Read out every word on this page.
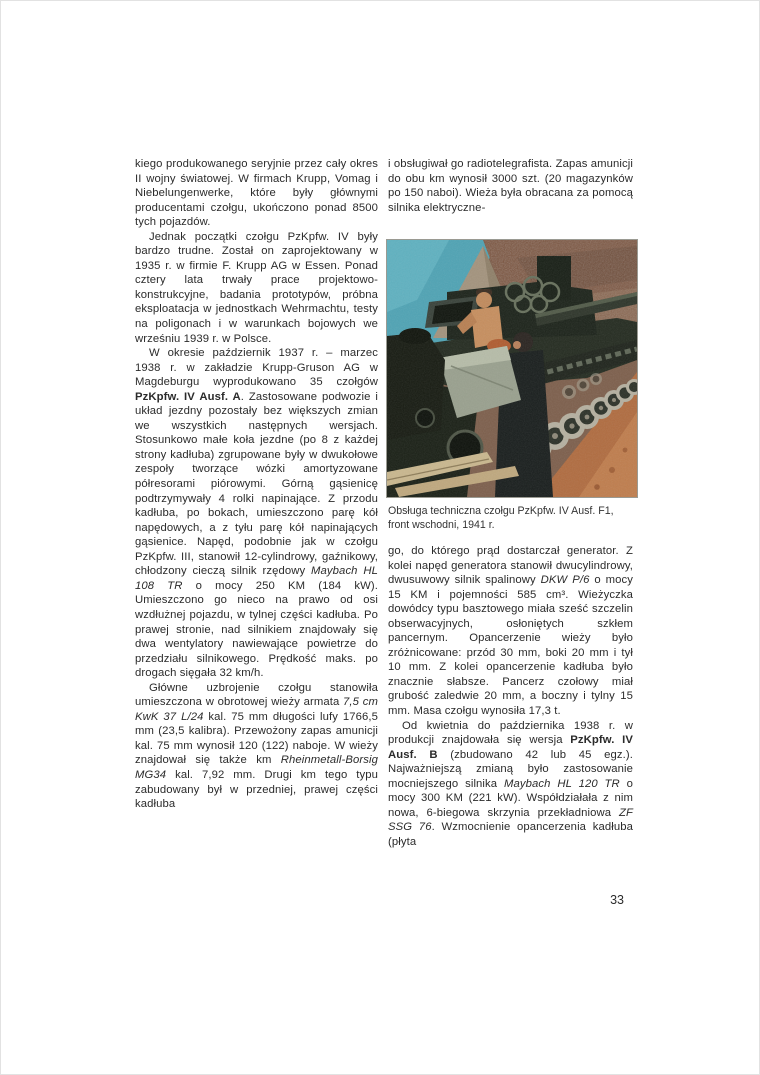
kiego produkowanego seryjnie przez cały okres II wojny światowej. W firmach Krupp, Vomag i Niebelungenwerke, które były głównymi producentami czołgu, ukończono ponad 8500 tych pojazdów.

Jednak początki czołgu PzKpfw. IV były bardzo trudne. Został on zaprojektowany w 1935 r. w firmie F. Krupp AG w Essen. Ponad cztery lata trwały prace projektowo-konstrukcyjne, badania prototypów, próbna eksploatacja w jednostkach Wehrmachtu, testy na poligonach i w warunkach bojowych we wrześniu 1939 r. w Polsce.

W okresie październik 1937 r. – marzec 1938 r. w zakładzie Krupp-Gruson AG w Magdeburgu wyprodukowano 35 czołgów PzKpfw. IV Ausf. A. Zastosowane podwozie i układ jezdny pozostały bez większych zmian we wszystkich następnych wersjach. Stosunkowo małe koła jezdne (po 8 z każdej strony kadłuba) zgrupowane były w dwukołowe zespoły tworzące wózki amortyzowane półresorami piórowymi. Górną gąsienicę podtrzymywały 4 rolki napinające. Z przodu kadłuba, po bokach, umieszczono parę kół napędowych, a z tyłu parę kół napinających gąsienice. Napęd, podobnie jak w czołgu PzKpfw. III, stanowił 12-cylindrowy, gaźnikowy, chłodzony cieczą silnik rzędowy Maybach HL 108 TR o mocy 250 KM (184 kW). Umieszczono go nieco na prawo od osi wzdłużnej pojazdu, w tylnej części kadłuba. Po prawej stronie, nad silnikiem znajdowały się dwa wentylatory nawiewające powietrze do przedziału silnikowego. Prędkość maks. po drogach sięgała 32 km/h.

Główne uzbrojenie czołgu stanowiła umieszczona w obrotowej wieży armata 7,5 cm KwK 37 L/24 kal. 75 mm długości lufy 1766,5 mm (23,5 kalibra). Przewożony zapas amunicji kal. 75 mm wynosił 120 (122) naboje. W wieży znajdował się także km Rheinmetall-Borsig MG34 kal. 7,92 mm. Drugi km tego typu zabudowany był w przedniej, prawej części kadłuba

i obsługiwał go radiotelegrafista. Zapas amunicji do obu km wynosił 3000 szt. (20 magazynków po 150 naboi). Wieża była obracana za pomocą silnika elektryczne-

Obsługa techniczna czołgu PzKpfw. IV Ausf. F1, front wschodni, 1941 r.

go, do którego prąd dostarczał generator. Z kolei napęd generatora stanowił dwucylindrowy, dwusuwowy silnik spalinowy DKW P/6 o mocy 15 KM i pojemności 585 cm³. Wieżyczka dowódcy typu basztowego miała sześć szczelin obserwacyjnych, osłoniętych szkłem pancernym. Opancerzenie wieży było zróżnicowane: przód 30 mm, boki 20 mm i tył 10 mm. Z kolei opancerzenie kadłuba było znacznie słabsze. Pancerz czołowy miał grubość zaledwie 20 mm, a boczny i tylny 15 mm. Masa czołgu wynosiła 17,3 t.

Od kwietnia do października 1938 r. w produkcji znajdowała się wersja PzKpfw. IV Ausf. B (zbudowano 42 lub 45 egz.). Najważniejszą zmianą było zastosowanie mocniejszego silnika Maybach HL 120 TR o mocy 300 KM (221 kW). Współdziałała z nim nowa, 6-biegowa skrzynia przekładniowa ZF SSG 76. Wzmocnienie opancerzenia kadłuba (płyta

33
